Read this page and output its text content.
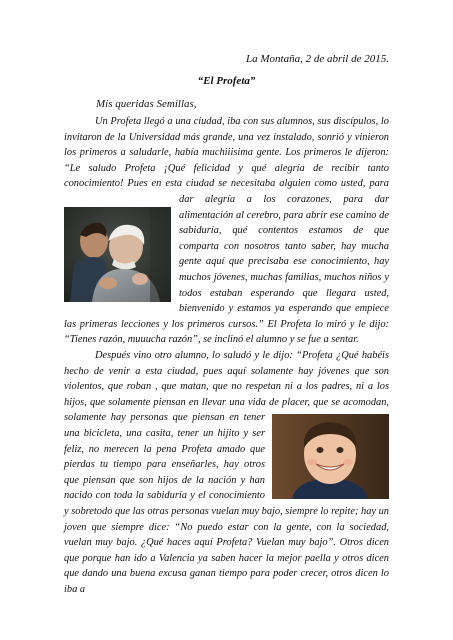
La Montaña, 2 de abril de 2015.
“El Profeta”
Mis queridas Semillas,

Un Profeta llegó a una ciudad, iba con sus alumnos, sus discípulos, lo invitaron de la Universidad más grande, una vez instalado, sonrió y vinieron los primeros a saludarle, había muchiiisima gente. Los primeros le dijeron: “Le saludo Profeta ¡Qué felicidad y qué alegría de recibir tanto conocimiento! Pues en esta ciudad se necesitaba alguien como usted, para dar alegría a los corazones, para dar alimentación al cerebro, para abrir ese camino de sabiduría, qué contentos estamos de que comparta con nosotros tanto saber, hay mucha gente aquí que precisaba ese conocimiento, hay muchos jóvenes, muchas familias, muchos niños y todos estaban esperando que llegara usted, bienvenido y estamos ya esperando que empiece las primeras lecciones y los primeros cursos.” El Profeta lo miró y le dijo: “Tienes razón, muuucha razón”, se inclinó el alumno y se fue a sentar.

Después vino otro alumno, lo saludó y le dijo: “Profeta ¿Qué habéis hecho de venir a esta ciudad, pues aquí solamente hay jóvenes que son violentos, que roban , que matan, que no respetan ni a los padres, ni a los hijos, que solamente piensan en llevar una vida de placer, que se acomodan, solamente hay personas que piensan en tener una bicicleta, una casita, tener un hijito y ser feliz, no merecen la pena Profeta amado que pierdas tu tiempo para enseñarles, hay otros que piensan que son hijos de la nación y han nacido con toda la sabiduría y el conocimiento y sobretodo que las otras personas vuelan muy bajo, siempre lo repite; hay un joven que siempre dice: “No puedo estar con la gente, con la sociedad, vuelan muy bajo. ¿Qué haces aquí Profeta? Vuelan muy bajo”. Otros dicen que porque han ido a Valencia ya saben hacer la mejor paella y otros dicen que dando una buena excusa ganan tiempo para poder crecer, otros dicen lo iba a
